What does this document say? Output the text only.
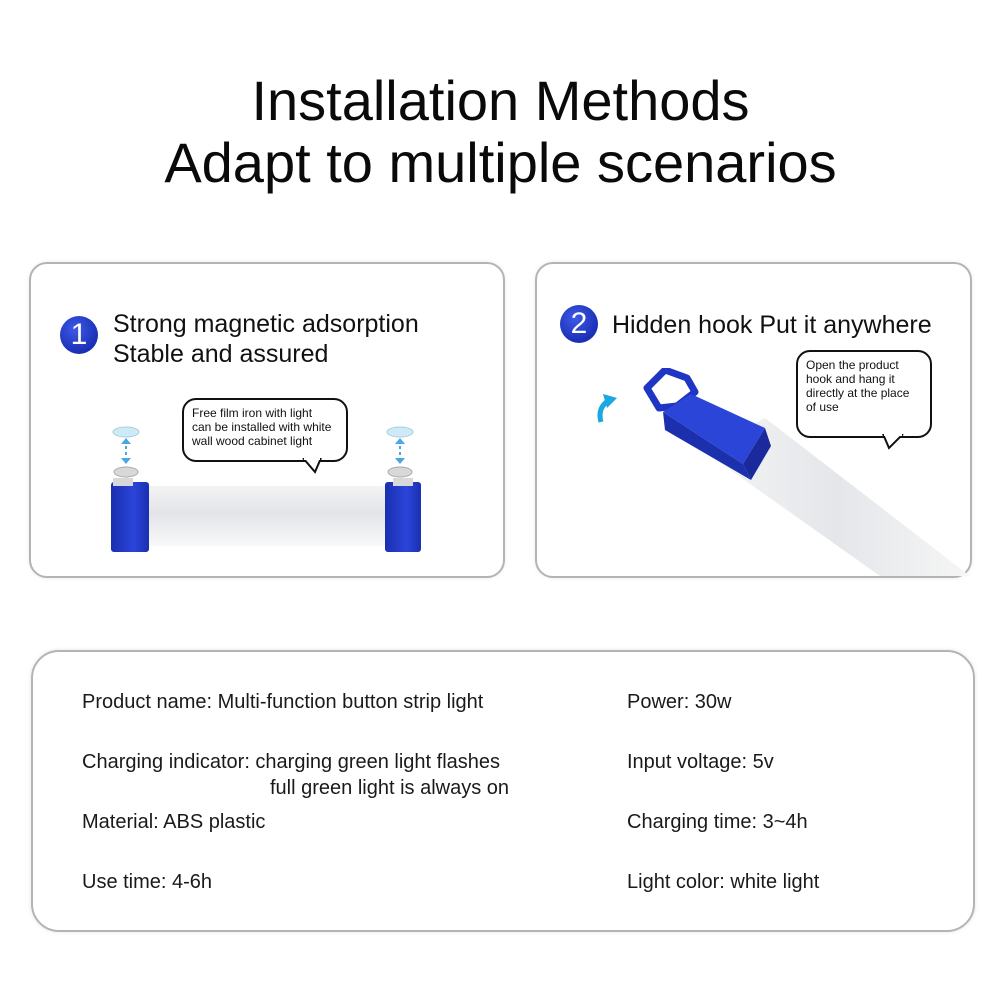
Installation Methods
Adapt to multiple scenarios
1	Strong magnetic adsorption
Stable and assured
Free film iron with light
can be installed with white
wall wood cabinet light
2 Hidden hook Put it anywhere
Open the product
hook and hang it
directly at the place
of use
Product name: Multi-function button strip light
Charging indicator: charging green light flashes
full green light is always on
Material: ABS plastic
Use time: 4-6h
Power: 30w
Input voltage: 5v
Charging time: 3~4h
Light color: white light
